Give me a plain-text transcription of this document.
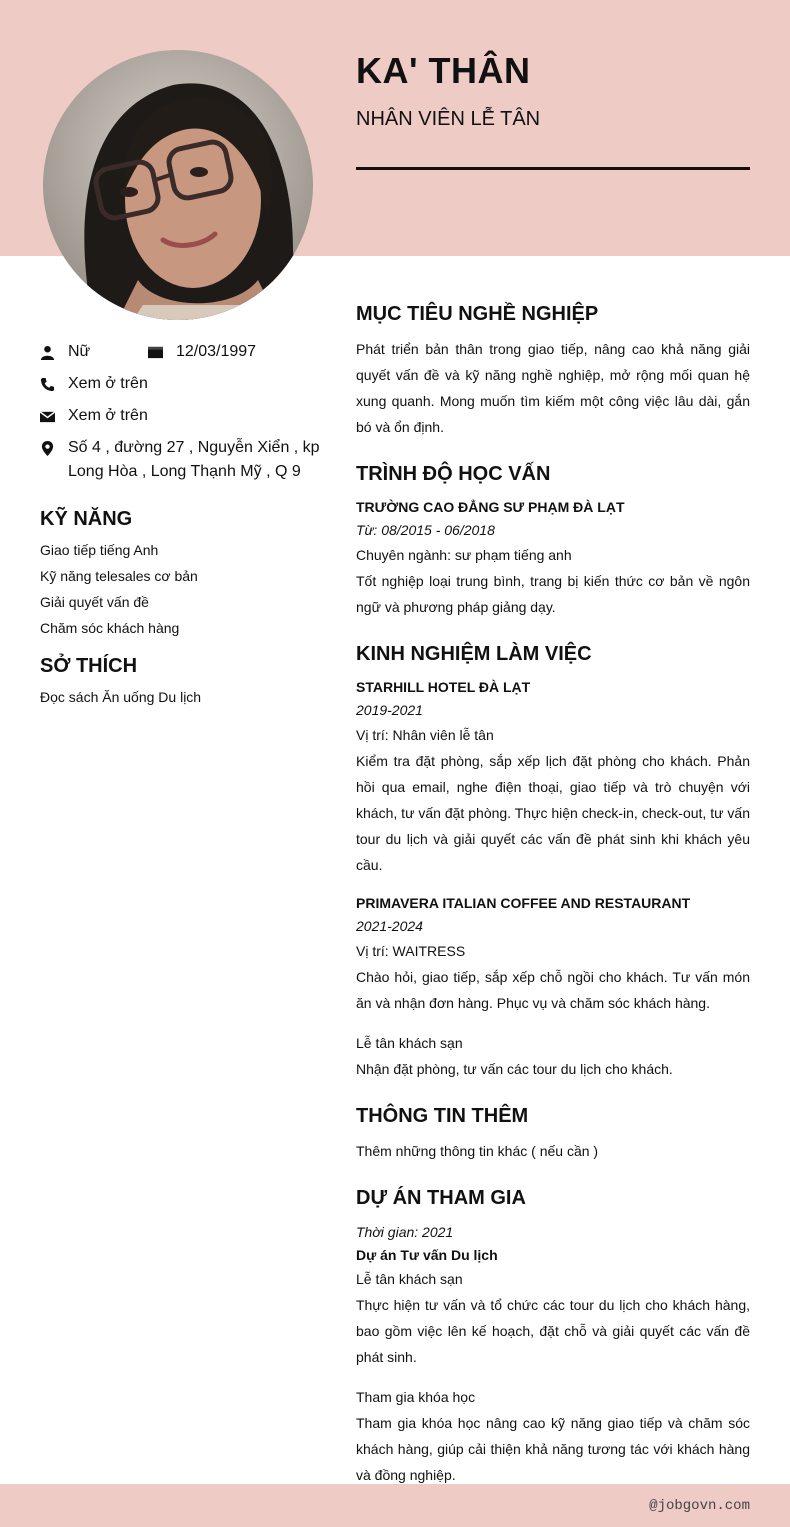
KA' THÂN
NHÂN VIÊN LỄ TÂN
Nữ	12/03/1997
Xem ở trên
Xem ở trên
Số 4 , đường 27 , Nguyễn Xiển , kp
Long Hòa , Long Thạnh Mỹ , Q 9
KỸ NĂNG
Giao tiếp tiếng Anh
Kỹ năng telesales cơ bản
Giải quyết vấn đề
Chăm sóc khách hàng
SỞ THÍCH
Đọc sách Ăn uống Du lịch
MỤC TIÊU NGHỀ NGHIỆP

Phát triển bản thân trong giao tiếp, nâng cao khả năng giải quyết vấn đề và kỹ năng nghề nghiệp, mở rộng mối quan hệ xung quanh. Mong muốn tìm kiếm một công việc lâu dài, gắn bó và ổn định.

TRÌNH ĐỘ HỌC VẤN
TRƯỜNG CAO ĐẲNG SƯ PHẠM ĐÀ LẠT
Từ: 08/2015 - 06/2018
Chuyên ngành: sư phạm tiếng anh

Tốt nghiệp loại trung bình, trang bị kiến thức cơ bản về ngôn ngữ và phương pháp giảng dạy.

KINH NGHIỆM LÀM VIỆC
STARHILL HOTEL ĐÀ LẠT
2019-2021
Vị trí: Nhân viên lễ tân

Kiểm tra đặt phòng, sắp xếp lịch đặt phòng cho khách. Phản hồi qua email, nghe điện thoại, giao tiếp và trò chuyện với khách, tư vấn đặt phòng. Thực hiện check-in, check-out, tư vấn tour du lịch và giải quyết các vấn đề phát sinh khi khách yêu cầu.

PRIMAVERA ITALIAN COFFEE AND RESTAURANT
2021-2024
Vị trí: WAITRESS

Chào hỏi, giao tiếp, sắp xếp chỗ ngồi cho khách. Tư vấn món ăn và nhận đơn hàng. Phục vụ và chăm sóc khách hàng.

Lễ tân khách sạn
Nhận đặt phòng, tư vấn các tour du lịch cho khách.
THÔNG TIN THÊM
Thêm những thông tin khác ( nếu cần )
DỰ ÁN THAM GIA
Thời gian: 2021
Dự án Tư vấn Du lịch
Lễ tân khách sạn

Thực hiện tư vấn và tổ chức các tour du lịch cho khách hàng, bao gồm việc lên kế hoạch, đặt chỗ và giải quyết các vấn đề phát sinh.

Tham gia khóa học

Tham gia khóa học nâng cao kỹ năng giao tiếp và chăm sóc khách hàng, giúp cải thiện khả năng tương tác với khách hàng và đồng nghiệp.

@jobgovn.com
